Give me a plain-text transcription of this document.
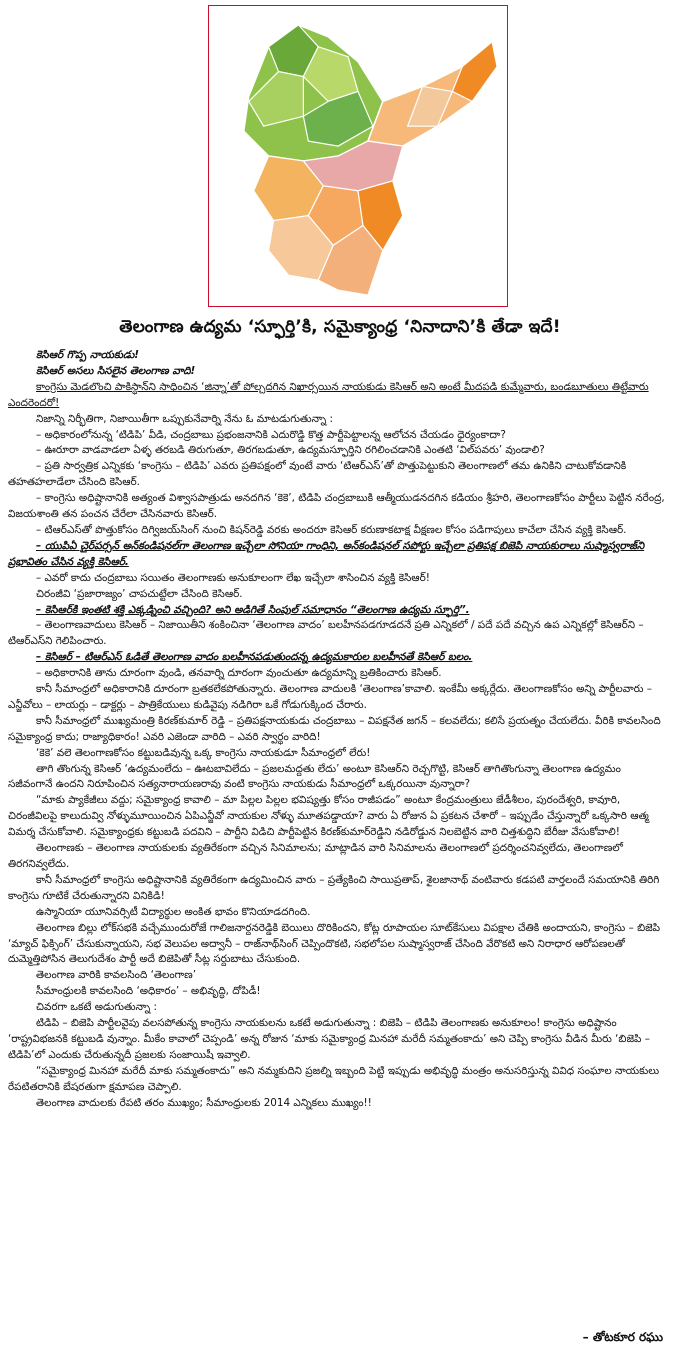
తెలంగాణ ఉద్యమ ‘స్ఫూర్తి’కి, సమైక్యాంధ్ర ‘నినాదాని’కి తేడా ఇదే!

కెసిఆర్ గొప్ప నాయకుడు!

కెసిఆర్ అసలు సిసలైన తెలంగాణ వాది!

కాంగ్రెసు మెడలొంచి పాకిస్థాన్‌ని సాధించిన ‘జిన్నా’తో పోల్చదగిన నిఖార్సయిన నాయకుడు కెసిఆర్ అని అంటే మీదపడి కుమ్మేవారు, బండబూతులు తిట్టేవారు ఎందరెందరో!

నిజాన్ని నిర్భీతిగా, నిజాయితీగా ఒప్పుకునేవార్ని నేను ఓ మాటడుగుతున్నా :

– అధికారంలోనున్న ‘టిడిపి’ వీడి, చంద్రబాబు ప్రభంజనానికి ఎదురొడ్డి కొత్త పార్టీపెట్టాలన్న ఆలోచన చేయడం ధైర్యంకాదా?

– ఊరూరా వాడవాడలా ఏళ్ళ తరబడి తిరుగుతూ, తిరగబడుతూ, ఉద్యమస్ఫూర్తిని రగిలించడానికి ఎంతటి ‘విల్‌పవరు’ వుండాలి?

– ప్రతి సార్వత్రిక ఎన్నికకు ‘కాంగ్రెసు – టిడిపి’ ఎవరు ప్రతిపక్షంలో వుంటే వారు ‘టిఆర్ఎస్’తో పొత్తుపెట్టుకుని తెలంగాణలో తమ ఉనికిని చాటుకోవడానికి తహతహలాడేలా చేసింది కెసిఆర్.

– కాంగ్రెసు అధిష్టానానికి అత్యంత విశ్వాసపాత్రుడు అనదగిన ‘కెకె’, టిడిపి చంద్రబాబుకి ఆత్మీయుడనదగిన కడియం శ్రీహరి, తెలంగాణకోసం పార్టీలు పెట్టిన నరేంద్ర, విజయశాంతి తన పంచన చేరేలా చేసినవారు కెసిఆర్.

– టిఆర్ఎస్‌తో పొత్తుకోసం దిగ్విజయ్‌సింగ్ నుంచి కిషన్‌రెడ్డి వరకు అందరూ కెసిఆర్ కరుణాకటాక్ష వీక్షణల కోసం పడిగాపులు కాచేలా చేసిన వ్యక్తి కెసిఆర్.

– యుపిఏ చైర్‌పర్సన్ అన్‌కండిషనల్‌గా తెలంగాణ ఇచ్చేలా సోనియా గాంధిని, అన్‌కండిషనల్ సపోర్టు ఇచ్చేలా ప్రతిపక్ష బిజెపి నాయకురాలు సుష్మాస్వరాజ్‌ని ప్రభావితం చేసిన వ్యక్తి కెసిఆర్.

– ఎవరో కాదు చంద్రబాబు సయితం తెలంగాణకు అనుకూలంగా లేఖ ఇచ్చేలా శాసించిన వ్యక్తి కెసిఆర్!

చిరంజీవి ‘ప్రజారాజ్యం’ చాపచుట్టేలా చేసింది కెసిఆర్.

– కెసిఆర్‌కి ఇంతటి శక్తి ఎక్కడ్నించి వచ్చింది? అని అడిగితే సింపుల్ సమాధానం “తెలంగాణ ఉద్యమ స్ఫూర్తి”.

– తెలంగాణవాదులు కెసిఆర్ – నిజాయితీని శంకించినా ‘తెలంగాణ వాదం’ బలహీనపడగూడదనే ప్రతి ఎన్నికలో / పదే పదే వచ్చిన ఉప ఎన్నికల్లో కెసిఆర్‌ని – టిఆర్ఎస్‌ని గెలిపించారు.

– కెసిఆర్ – టిఆర్ఎస్ ఓడితే తెలంగాణ వాదం బలహీనపడుతుందన్న ఉద్యమకారుల బలహీనతే కెసిఆర్ బలం.

– అధికారానికి తాను దూరంగా వుండి, తనవార్ని దూరంగా వుంచుతూ ఉద్యమాన్ని బ్రతికించారు కెసిఆర్.

కానీ సీమాంధ్రలో అధికారానికి దూరంగా బ్రతకలేకపోతున్నారు. తెలంగాణ వాదులకి ‘తెలంగాణ’కావాలి. ఇంకేమీ అక్కర్లేదు. తెలంగాణకోసం అన్ని పార్టీలవారు – ఎన్జీవోలు – లాయర్లు – డాక్టర్లు – పాత్రికేయులు కుడివైపు నడిగిరా ఒకే గోడుగుక్కింద చేరారు.

కానీ సీమాంధ్రలో ముఖ్యమంత్రి కిరణ్‌కుమార్ రెడ్డి – ప్రతిపక్షనాయకుడు చంద్రబాబు – విపక్షనేత జగన్ – కలవలేదు; కలిసే ప్రయత్నం చేయలేదు. వీరికి కావలసింది సమైక్యాంధ్ర కాదు; రాజ్యాధికారం! ఎవరి ఎజెండా వారిది – ఎవరి స్వార్థం వారిది!

‘కెకె’ వలె తెలంగాణకోసం కట్టుబడివున్న ఒక్క కాంగ్రెసు నాయకుడూ సీమాంధ్రలో లేరు!

తాగి తొంగున్న కెసిఆర్ ‘ఉద్యమంలేదు – ఊటబావిలేదు – ప్రజలమద్దతు లేదు’ అంటూ కెసిఆర్‌ని రెచ్చగొట్టి, కెసిఆర్ తాగితొంగున్నా తెలంగాణ ఉద్యమం సజీవంగానే ఉందని నిరూపించిన సత్యనారాయణరావు వంటి కాంగ్రెసు నాయకుడు సీమాంధ్రలో ఒక్కరయినా వున్నారా?

“మాకు ప్యాకేజీలు వద్దు; సమైక్యాంధ్ర కావాలి – మా పిల్లల పిల్లల భవిష్యత్తు కోసం రాజీపడం” అంటూ కేంద్రమంత్రులు జేడీశీలం, పురందేశ్వరి, కావూరి, చిరంజీవిలపై కాలుదువ్వి నోళ్ళుమూయించిన ఏపిఎన్జీవో నాయకుల నోళ్ళు మూతపడ్డాయా? వారు ఏ రోజున ఏ ప్రకటన చేశారో – ఇప్పుడేం చేస్తున్నారో ఒక్కసారి ఆత్మ విమర్శ చేసుకోవాలి. సమైక్యాంధ్రకు కట్టుబడి పదవిని – పార్టీని విడిచి పార్టీపెట్టిన కిరణ్‌కుమార్‌రెడ్డిని నడిరోడ్డున నిలబెట్టిన వారి చిత్తశుద్ధిని బేరీజు వేసుకోవాలి!

తెలంగాణకు – తెలంగాణ నాయకులకు వ్యతిరేకంగా వచ్చిన సినిమాలను; మాట్లాడిన వారి సినిమాలను తెలంగాణలో ప్రదర్శించనివ్వలేదు, తెలంగాణలో తిరగనివ్వలేదు.

కానీ సీమాంధ్రలో కాంగ్రెసు అధిష్టానానికి వ్యతిరేకంగా ఉద్యమించిన వారు – ప్రత్యేకించి సాయిప్రతాప్, శైలజానాథ్ వంటివారు కడపటి వార్తలందే సమయానికి తిరిగి కాంగ్రెసు గూటికే చేరుతున్నారని వినికిడి!

ఉస్మానియా యూనివర్సిటీ విద్యార్థుల అంకిత భావం కొనియాడదగింది.

తెలంగాణ బిల్లు లోక్‌సభకి వచ్చేముందురోజే గాలిజనార్దనరెడ్డికి బెయిలు దొరికిందని, కోట్ల రూపాయల సూట్‌కేసులు విపక్షాల చేతికి అందాయని, కాంగ్రెసు – బిజెపి ‘మ్యాచ్ ఫిక్సింగ్’ చేసుకున్నాయని, సభ వెలుపల అద్వానీ – రాజ్‌నాథ్‌సింగ్ చెప్పిందొకటి, సభలోపల సుష్మాస్వరాజ్ చేసింది వేరొకటి అని నిరాధార ఆరోపణలతో దుమ్మెత్తిపోసిన తెలుగుదేశం పార్టీ అదే బిజెపితో సీట్ల సర్దుబాటు చేసుకుంది.

తెలంగాణ వారికి కావలసింది ‘తెలంగాణ’

సీమాంధ్రులకి కావలసింది ‘అధికారం’ – అభివృద్ధి, దోపిడీ!

చివరగా ఒకటే అడుగుతున్నా :

టిడిపి – బిజెపి పార్టీలవైపు వలసపోతున్న కాంగ్రెసు నాయకులను ఒకటే అడుగుతున్నా : బిజెపి – టిడిపి తెలంగాణకు అనుకూలం! కాంగ్రెసు అధిష్టానం ‘రాష్ట్రవిభజనకి కట్టుబడి వున్నాం. మీకేం కావాలో చెప్పండి’ అన్న రోజున ‘మాకు సమైక్యాంధ్ర మినహా మరేదీ సమ్మతంకాదు’ అని చెప్పి కాంగ్రెసు వీడిన మీరు ‘బిజెపి – టిడిపి’లో ఎందుకు చేరుతున్నదీ ప్రజలకు సంజాయిషీ ఇవ్వాలి.

“సమైక్యాంధ్ర మినహా మరేదీ మాకు సమ్మతంకాదు” అని నమ్మకుదిని ప్రజల్ని ఇబ్బంది పెట్టి ఇప్పుడు అభివృద్ధి మంత్రం అనుసరిస్తున్న వివిధ సంఘాల నాయకులు రేపటితరానికి బేషరతుగా క్షమాపణ చెప్పాలి.

తెలంగాణ వాదులకు రేపటి తరం ముఖ్యం; సీమాంధ్రులకు 2014 ఎన్నికలు ముఖ్యం!!

– తోటకూర రఘు
